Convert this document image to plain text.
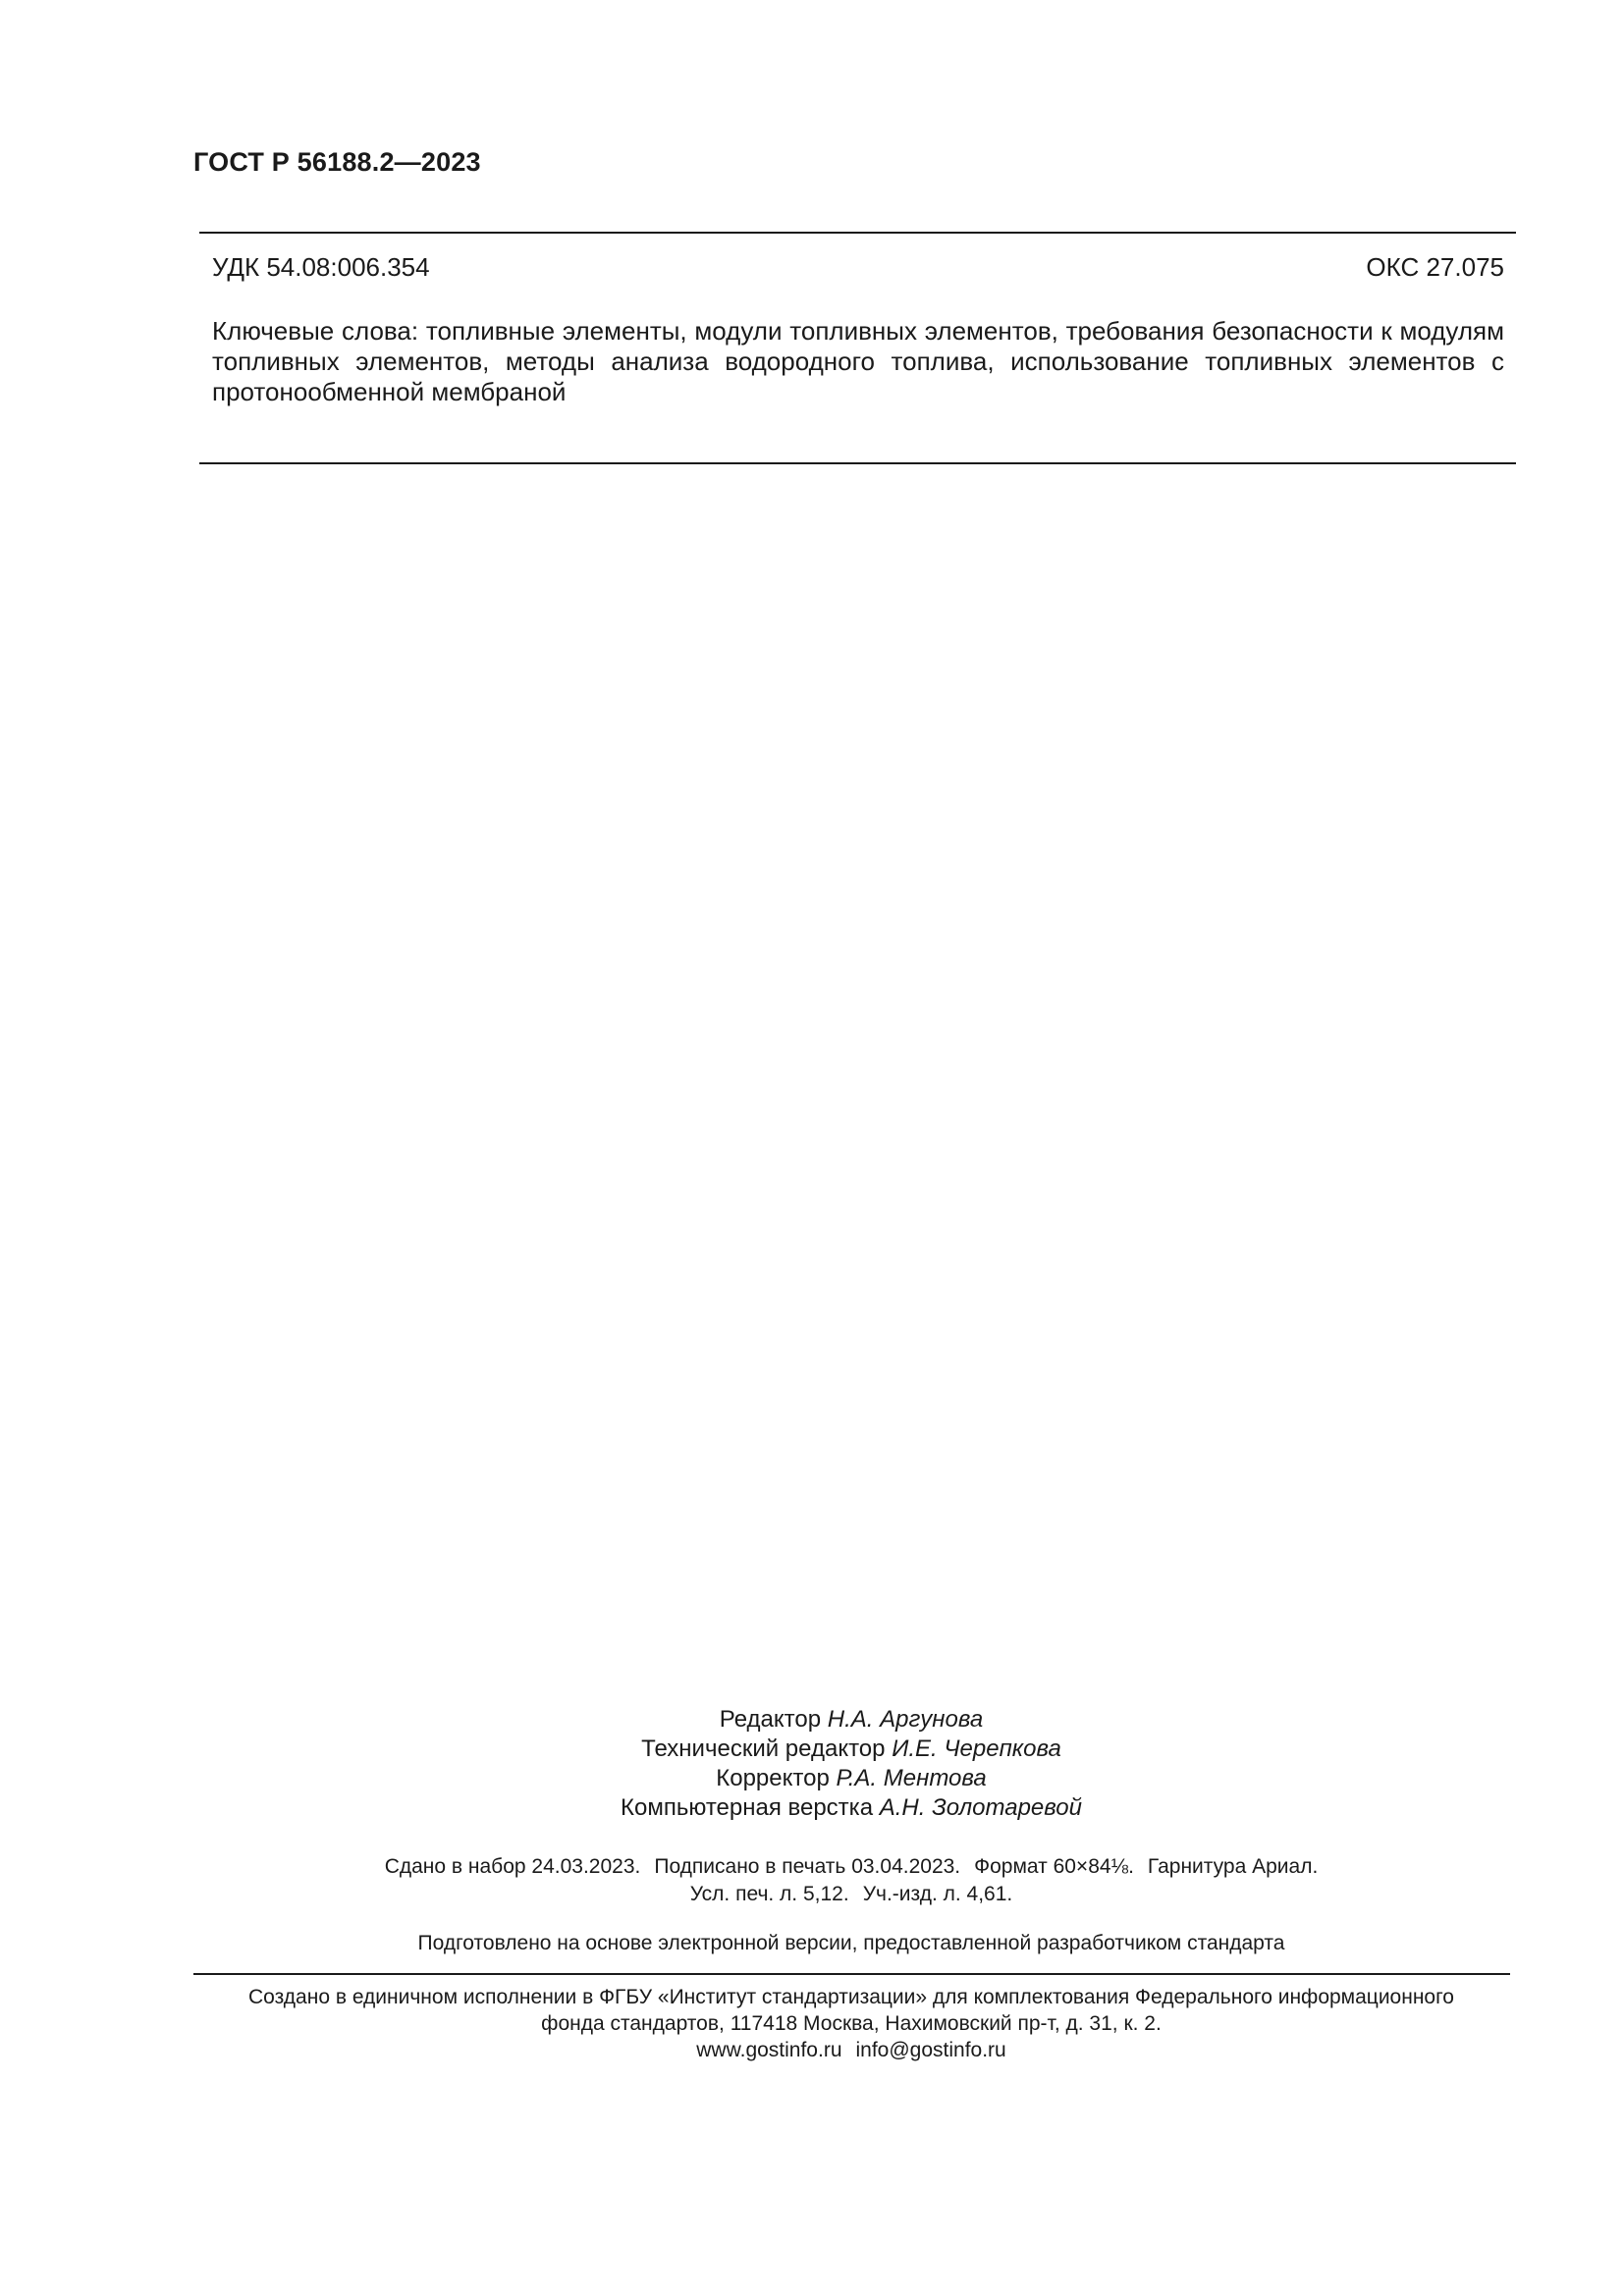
ГОСТ Р 56188.2—2023
УДК 54.08:006.354	ОКС 27.075
Ключевые слова: топливные элементы, модули топливных элементов, требования безопасности к модулям топливных элементов, методы анализа водородного топлива, использование топливных элементов с протонообменной мембраной
Редактор Н.А. Аргунова
Технический редактор И.Е. Черепкова
Корректор Р.А. Ментова
Компьютерная верстка А.Н. Золотаревой
Сдано в набор 24.03.2023. Подписано в печать 03.04.2023. Формат 60×84⅛. Гарнитура Ариал.
Усл. печ. л. 5,12. Уч.-изд. л. 4,61.
Подготовлено на основе электронной версии, предоставленной разработчиком стандарта
Создано в единичном исполнении в ФГБУ «Институт стандартизации» для комплектования Федерального информационного
фонда стандартов, 117418 Москва, Нахимовский пр-т, д. 31, к. 2.
www.gostinfo.ru info@gostinfo.ru
